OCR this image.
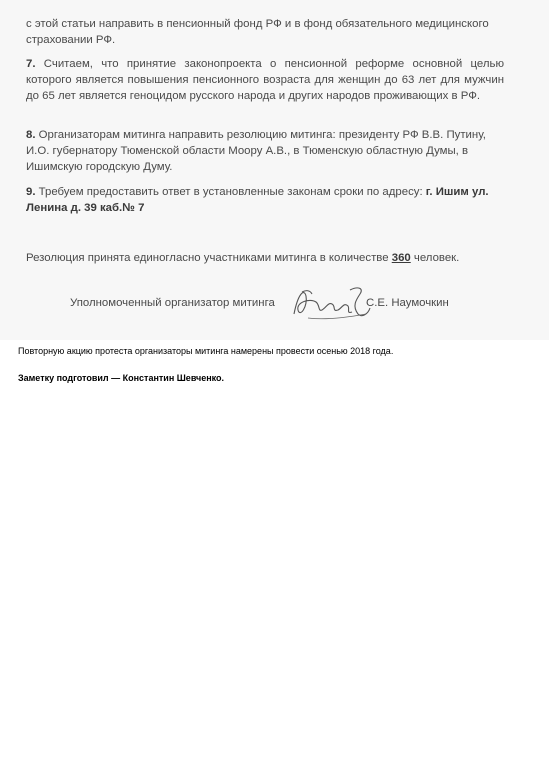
с этой статьи направить в пенсионный фонд РФ и в фонд обязательного медицинского страховании РФ.

7. Считаем, что принятие законопроекта о пенсионной реформе основной целью которого является повышения пенсионного возраста для женщин до 63 лет для мужчин до 65 лет является геноцидом русского народа и других народов проживающих в РФ.

8. Организаторам митинга направить резолюцию митинга: президенту РФ В.В. Путину, И.О. губернатору Тюменской области Моору А.В., в Тюменскую областную Думы, в Ишимскую городскую Думу.

9. Требуем предоставить ответ в установленные законам сроки по адресу: г. Ишим ул. Ленина д. 39 каб.№ 7

Резолюция принята единогласно участниками митинга в количестве 360 человек.

Уполномоченный организатор митинга	С.Е. Наумочкин

Повторную акцию протеста организаторы митинга намерены провести осенью 2018 года.

Заметку подготовил — Константин Шевченко.
